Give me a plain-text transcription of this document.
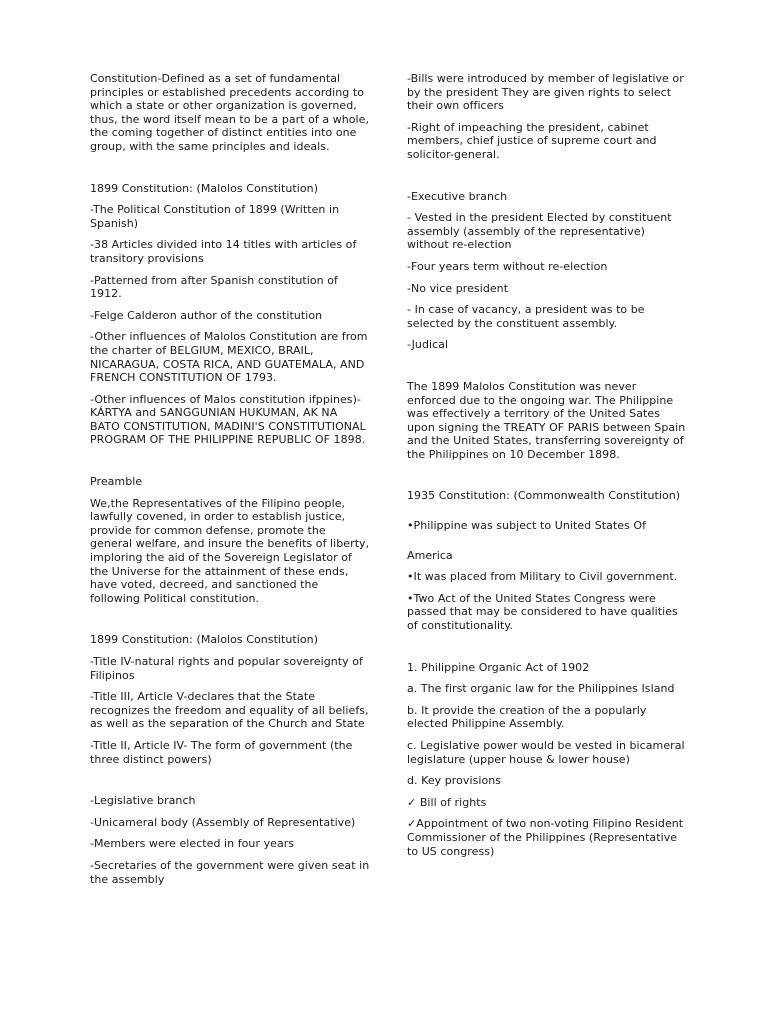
Constitution-Defined as a set of fundamental principles or established precedents according to which a state or other organization is governed, thus, the word itself mean to be a part of a whole, the coming together of distinct entities into one group, with the same principles and ideals.

1899 Constitution: (Malolos Constitution)

-The Political Constitution of 1899 (Written in Spanish)

-38 Articles divided into 14 titles with articles of transitory provisions

-Patterned from after Spanish constitution of 1912.

-Felge Calderon author of the constitution

-Other influences of Malolos Constitution are from the charter of BELGIUM, MEXICO, BRAIL, NICARAGUA, COSTA RICA, AND GUATEMALA, AND FRENCH CONSTITUTION OF 1793.

-Other influences of Malos constitution ifppines)-KÁRTYA and SANGGUNIAN HUKUMAN, AK NA BATO CONSTITUTION, MADINI'S CONSTITUTIONAL PROGRAM OF THE PHILIPPINE REPUBLIC OF 1898.

Preamble

We,the Representatives of the Filipino people, lawfully covened, in order to establish justice, provide for common defense, promote the general welfare, and insure the benefits of liberty, imploring the aid of the Sovereign Legislator of the Universe for the attainment of these ends, have voted, decreed, and sanctioned the following Political constitution.

1899 Constitution: (Malolos Constitution)

-Title IV-natural rights and popular sovereignty of Filipinos

-Title III, Article V-declares that the State recognizes the freedom and equality of all beliefs, as well as the separation of the Church and State

-Title II, Article IV- The form of government (the three distinct powers)

-Legislative branch

-Unicameral body (Assembly of Representative)

-Members were elected in four years

-Secretaries of the government were given seat in the assembly

-Bills were introduced by member of legislative or by the president They are given rights to select their own officers

-Right of impeaching the president, cabinet members, chief justice of supreme court and solicitor-general.

-Executive branch

- Vested in the president Elected by constituent assembly (assembly of the representative) without re-election

-Four years term without re-election

-No vice president

- In case of vacancy, a president was to be selected by the constituent assembly.

-Judical

The 1899 Malolos Constitution was never enforced due to the ongoing war. The Philippine was effectively a territory of the United Sates upon signing the TREATY OF PARIS between Spain and the United States, transferring sovereignty of the Philippines on 10 December 1898.

1935 Constitution: (Commonwealth Constitution)

•Philippine was subject to United States Of

America

•It was placed from Military to Civil government.

•Two Act of the United States Congress were passed that may be considered to have qualities of constitutionality.

1. Philippine Organic Act of 1902

a. The first organic law for the Philippines Island

b. It provide the creation of the a popularly elected Philippine Assembly.

c. Legislative power would be vested in bicameral legislature (upper house & lower house)

d. Key provisions

✓ Bill of rights

✓Appointment of two non-voting Filipino Resident Commissioner of the Philippines (Representative to US congress)
